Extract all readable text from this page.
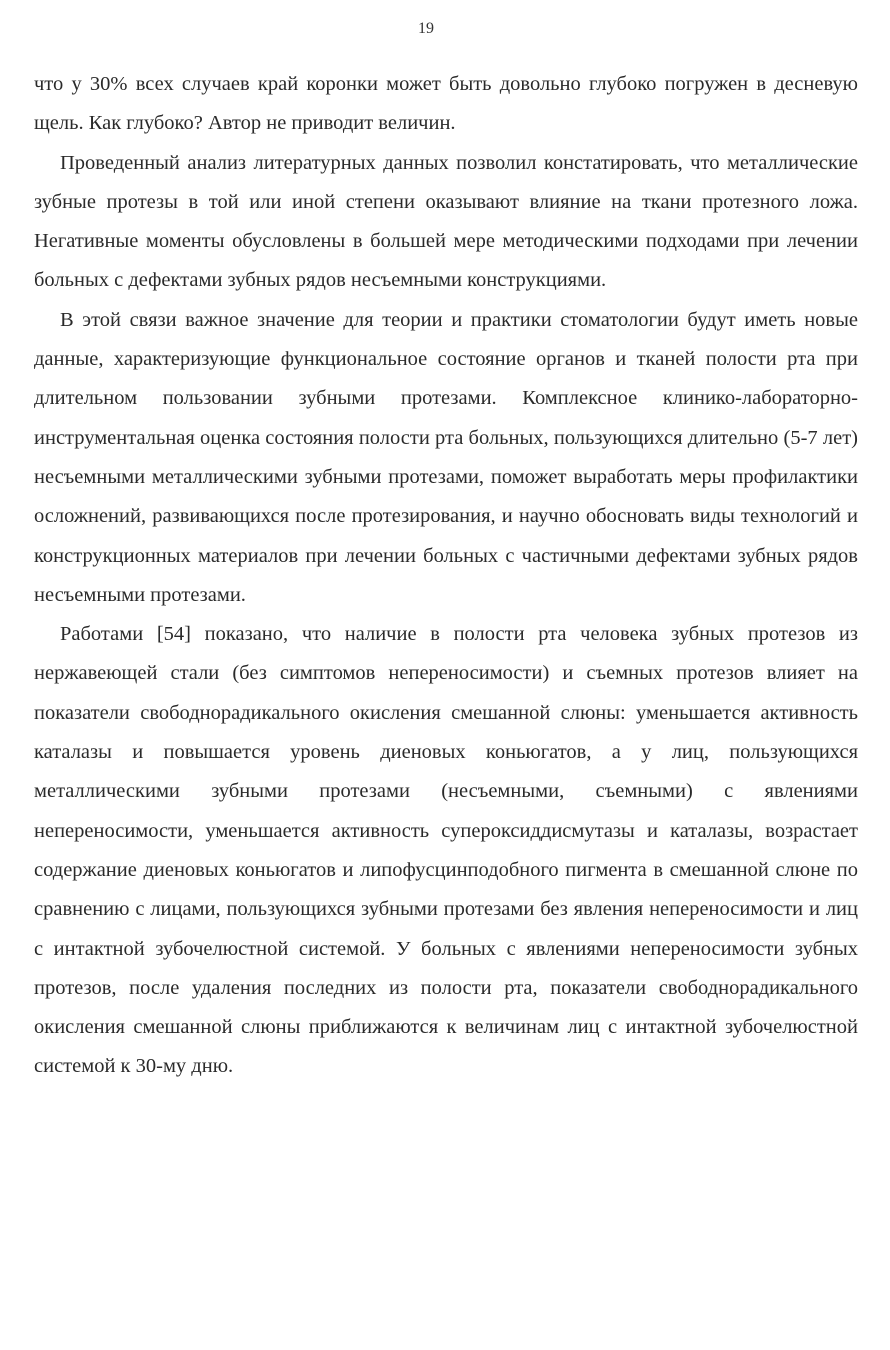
19

что у 30% всех случаев край коронки может быть довольно глубоко погружен в десневую щель. Как глубоко? Автор не приводит величин.

Проведенный анализ литературных данных позволил констатировать, что металлические зубные протезы в той или иной степени оказывают влияние на ткани протезного ложа. Негативные моменты обусловлены в большей мере методическими подходами при лечении больных с дефектами зубных рядов несъемными конструкциями.

В этой связи важное значение для теории и практики стоматологии будут иметь новые данные, характеризующие функциональное состояние органов и тканей полости рта при длительном пользовании зубными протезами. Комплексное клинико-лабораторно-инструментальная оценка состояния полости рта больных, пользующихся длительно (5-7 лет) несъемными металлическими зубными протезами, поможет выработать меры профилактики осложнений, развивающихся после протезирования, и научно обосновать виды технологий и конструкционных материалов при лечении больных с частичными дефектами зубных рядов несъемными протезами.

Работами [54] показано, что наличие в полости рта человека зубных протезов из нержавеющей стали (без симптомов непереносимости) и съемных протезов влияет на показатели свободнорадикального окисления смешанной слюны: уменьшается активность каталазы и повышается уровень диеновых коньюгатов, а у лиц, пользующихся металлическими зубными протезами (несъемными, съемными) с явлениями непереносимости, уменьшается активность супероксиддисмутазы и каталазы, возрастает содержание диеновых коньюгатов и липофусцинподобного пигмента в смешанной слюне по сравнению с лицами, пользующихся зубными протезами без явления непереносимости и лиц с интактной зубочелюстной системой. У больных с явлениями непереносимости зубных протезов, после удаления последних из полости рта, показатели свободнорадикального окисления смешанной слюны приближаются к величинам лиц с интактной зубочелюстной системой к 30-му дню.
